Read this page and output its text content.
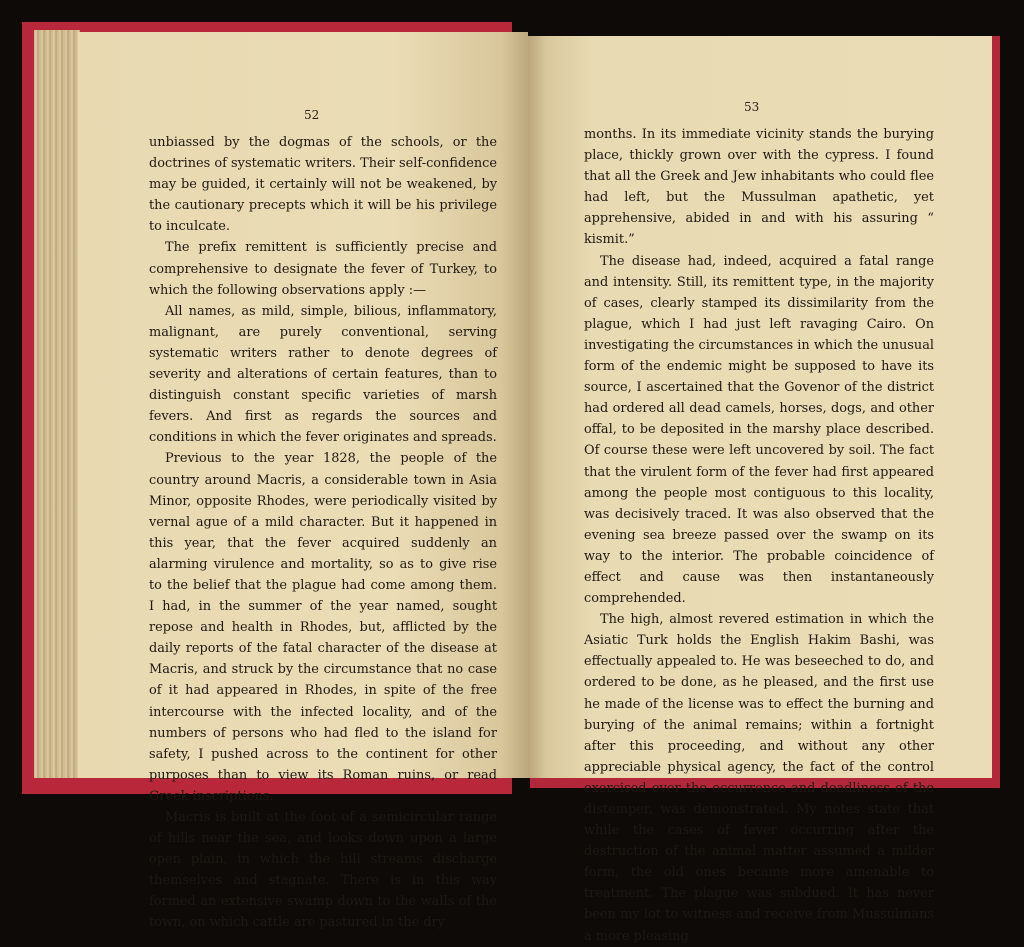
52

unbiassed by the dogmas of the schools, or the doctrines of systematic writers. Their self-confidence may be guided, it certainly will not be weakened, by the cautionary precepts which it will be his privilege to inculcate.

The prefix remittent is sufficiently precise and comprehensive to designate the fever of Turkey, to which the following observations apply :—

All names, as mild, simple, bilious, inflammatory, malignant, are purely conventional, serving systematic writers rather to denote degrees of severity and alterations of certain features, than to distinguish constant specific varieties of marsh fevers. And first as regards the sources and conditions in which the fever originates and spreads.

Previous to the year 1828, the people of the country around Macris, a considerable town in Asia Minor, opposite Rhodes, were periodically visited by vernal ague of a mild character. But it happened in this year, that the fever acquired suddenly an alarming virulence and mortality, so as to give rise to the belief that the plague had come among them. I had, in the summer of the year named, sought repose and health in Rhodes, but, afflicted by the daily reports of the fatal character of the disease at Macris, and struck by the circumstance that no case of it had appeared in Rhodes, in spite of the free intercourse with the infected locality, and of the numbers of persons who had fled to the island for safety, I pushed across to the continent for other purposes than to view its Roman ruins, or read Greek inscriptions.

Macris is built at the foot of a semicircular range of hills near the sea, and looks down upon a large open plain, in which the hill streams discharge themselves and stagnate. There is in this way formed an extensive swamp down to the walls of the town, on which cattle are pastured in the dry

53

months. In its immediate vicinity stands the burying place, thickly grown over with the cypress. I found that all the Greek and Jew inhabitants who could flee had left, but the Mussulman apathetic, yet apprehensive, abided in and with his assuring “ kismit.”

The disease had, indeed, acquired a fatal range and intensity. Still, its remittent type, in the majority of cases, clearly stamped its dissimilarity from the plague, which I had just left ravaging Cairo. On investigating the circumstances in which the unusual form of the endemic might be supposed to have its source, I ascertained that the Govenor of the district had ordered all dead camels, horses, dogs, and other offal, to be deposited in the marshy place described. Of course these were left uncovered by soil. The fact that the virulent form of the fever had first appeared among the people most contiguous to this locality, was decisively traced. It was also observed that the evening sea breeze passed over the swamp on its way to the interior. The probable coincidence of effect and cause was then instantaneously comprehended.

The high, almost revered estimation in which the Asiatic Turk holds the English Hakim Bashi, was effectually appealed to. He was beseeched to do, and ordered to be done, as he pleased, and the first use he made of the license was to effect the burning and burying of the animal remains; within a fortnight after this proceeding, and without any other appreciable physical agency, the fact of the control exercised over the occurrence and deadliness of the distemper, was demonstrated. My notes state that while the cases of fever occurring after the destruction of the animal matter assumed a milder form, the old ones became more amenable to treatment. The plague was subdued. It has never been my lot to witness and receive from Mussulmans a more pleasing
